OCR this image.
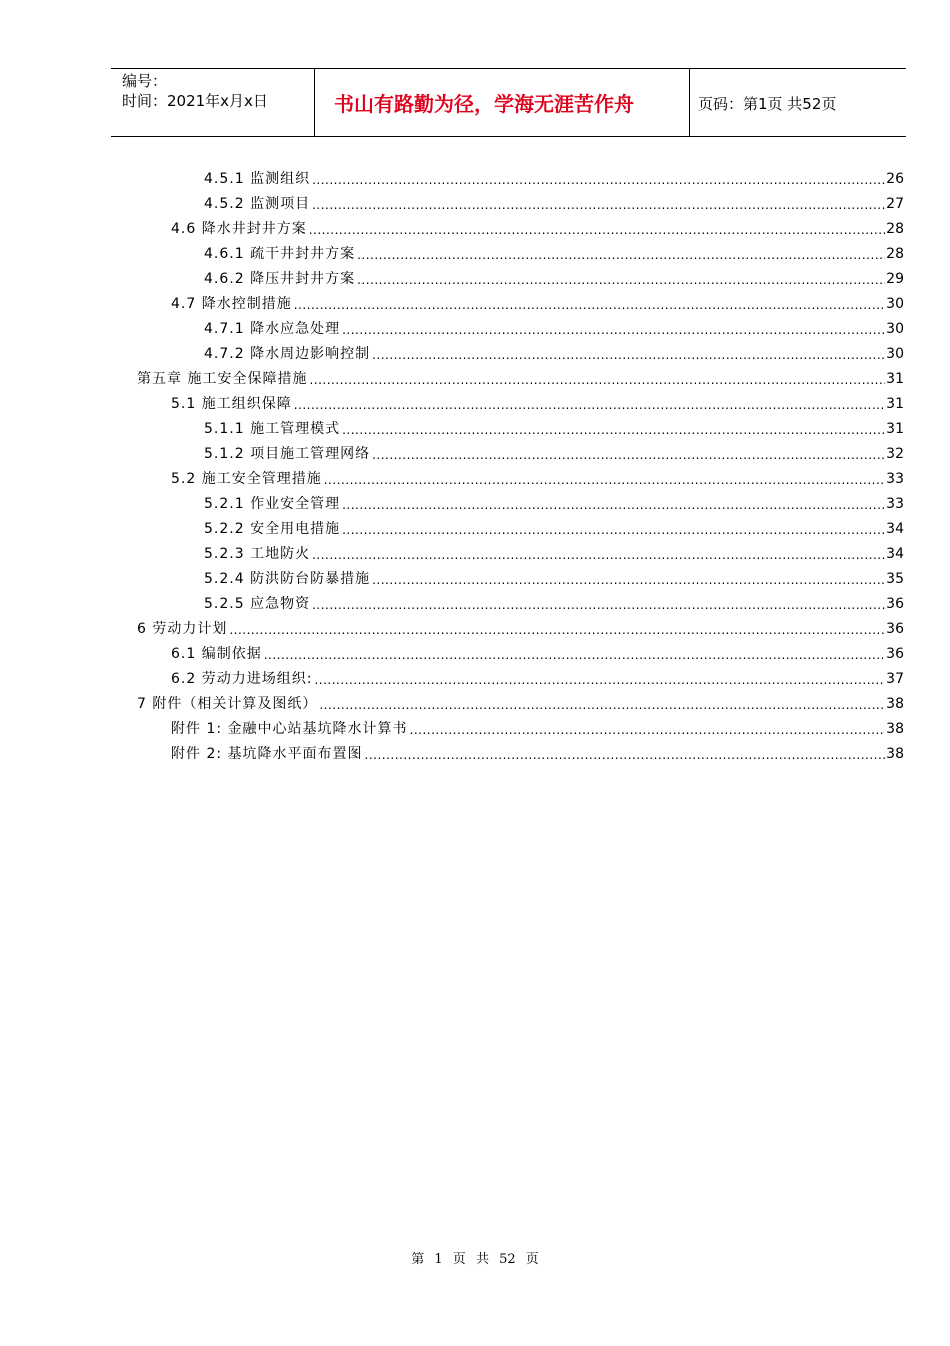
编号：
时间：2021年x月x日	书山有路勤为径，学海无涯苦作舟	页码：第1页 共52页
4.5.1 监测组织 .....	26
4.5.2 监测项目 .....	27
4.6 降水井封井方案 .....	28
4.6.1 疏干井封井方案 .....	28
4.6.2 降压井封井方案 .....	29
4.7 降水控制措施 .....	30
4.7.1 降水应急处理 .....	30
4.7.2 降水周边影响控制 .....	30
第五章 施工安全保障措施 .....	31
5.1 施工组织保障 .....	31
5.1.1 施工管理模式 .....	31
5.1.2 项目施工管理网络 .....	32
5.2 施工安全管理措施 .....	33
5.2.1 作业安全管理 .....	33
5.2.2 安全用电措施 .....	34
5.2.3 工地防火 .....	34
5.2.4 防洪防台防暴措施 .....	35
5.2.5 应急物资 .....	36
6 劳动力计划 .....	36
6.1 编制依据 .....	36
6.2 劳动力进场组织: .....	37
7 附件（相关计算及图纸） .....	38
附件 1: 金融中心站基坑降水计算书 .....	38
附件 2: 基坑降水平面布置图 .....	38
第 1 页 共 52 页
